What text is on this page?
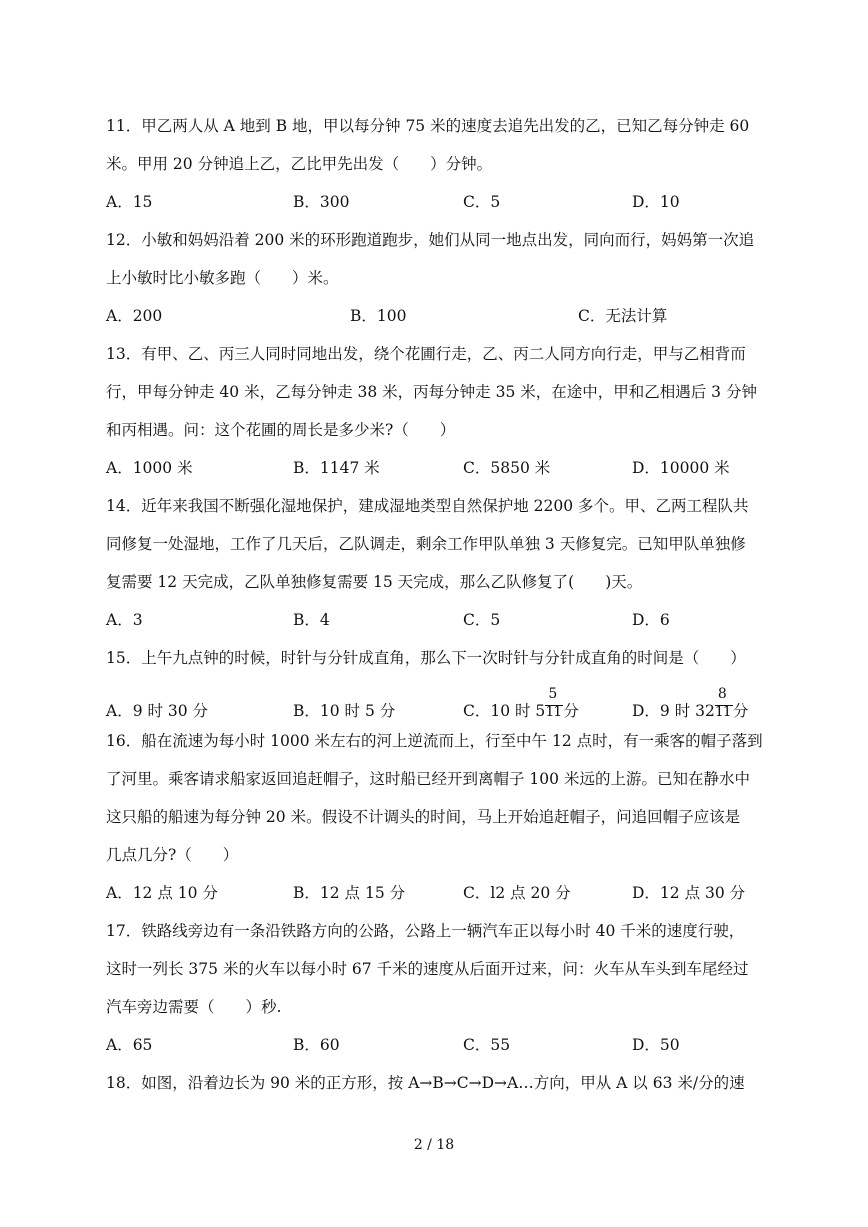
11．甲乙两人从 A 地到 B 地，甲以每分钟 75 米的速度去追先出发的乙，已知乙每分钟走 60
米。甲用 20 分钟追上乙，乙比甲先出发（　　）分钟。
A．15	B．300	C．5	D．10
12．小敏和妈妈沿着 200 米的环形跑道跑步，她们从同一地点出发，同向而行，妈妈第一次追
上小敏时比小敏多跑（　　）米。
A．200	B．100	C．无法计算
13．有甲、乙、丙三人同时同地出发，绕个花圃行走，乙、丙二人同方向行走，甲与乙相背而
行，甲每分钟走 40 米，乙每分钟走 38 米，丙每分钟走 35 米，在途中，甲和乙相遇后 3 分钟
和丙相遇。问：这个花圃的周长是多少米?（　　）
A．1000 米	B．1147 米	C．5850 米	D．10000 米
14．近年来我国不断强化湿地保护，建成湿地类型自然保护地 2200 多个。甲、乙两工程队共
同修复一处湿地，工作了几天后，乙队调走，剩余工作甲队单独 3 天修复完。已知甲队单独修
复需要 12 天完成，乙队单独修复需要 15 天完成，那么乙队修复了(　　)天。
A．3	B．4	C．5	D．6
15．上午九点钟的时候，时针与分针成直角，那么下一次时针与分针成直角的时间是（　　）
A．9 时 30 分	B．10 时 5 分	C．10 时 $5 \frac{5}{11}$ 分	D．9 时 $32 \frac{8}{11}$ 分
16．船在流速为每小时 1000 米左右的河上逆流而上，行至中午 12 点时，有一乘客的帽子落到
了河里。乘客请求船家返回追赶帽子，这时船已经开到离帽子 100 米远的上游。已知在静水中
这只船的船速为每分钟 20 米。假设不计调头的时间，马上开始追赶帽子，问追回帽子应该是
几点几分?（　　）
A．12 点 10 分	B．12 点 15 分	C．l2 点 20 分	D．12 点 30 分
17．铁路线旁边有一条沿铁路方向的公路，公路上一辆汽车正以每小时 40 千米的速度行驶，
这时一列长 375 米的火车以每小时 67 千米的速度从后面开过来，问：火车从车头到车尾经过
汽车旁边需要（　　）秒.
A．65	B．60	C．55	D．50
18．如图，沿着边长为 90 米的正方形，按 A→B→C→D→A…方向，甲从 A 以 63 米/分的速
2 / 18
